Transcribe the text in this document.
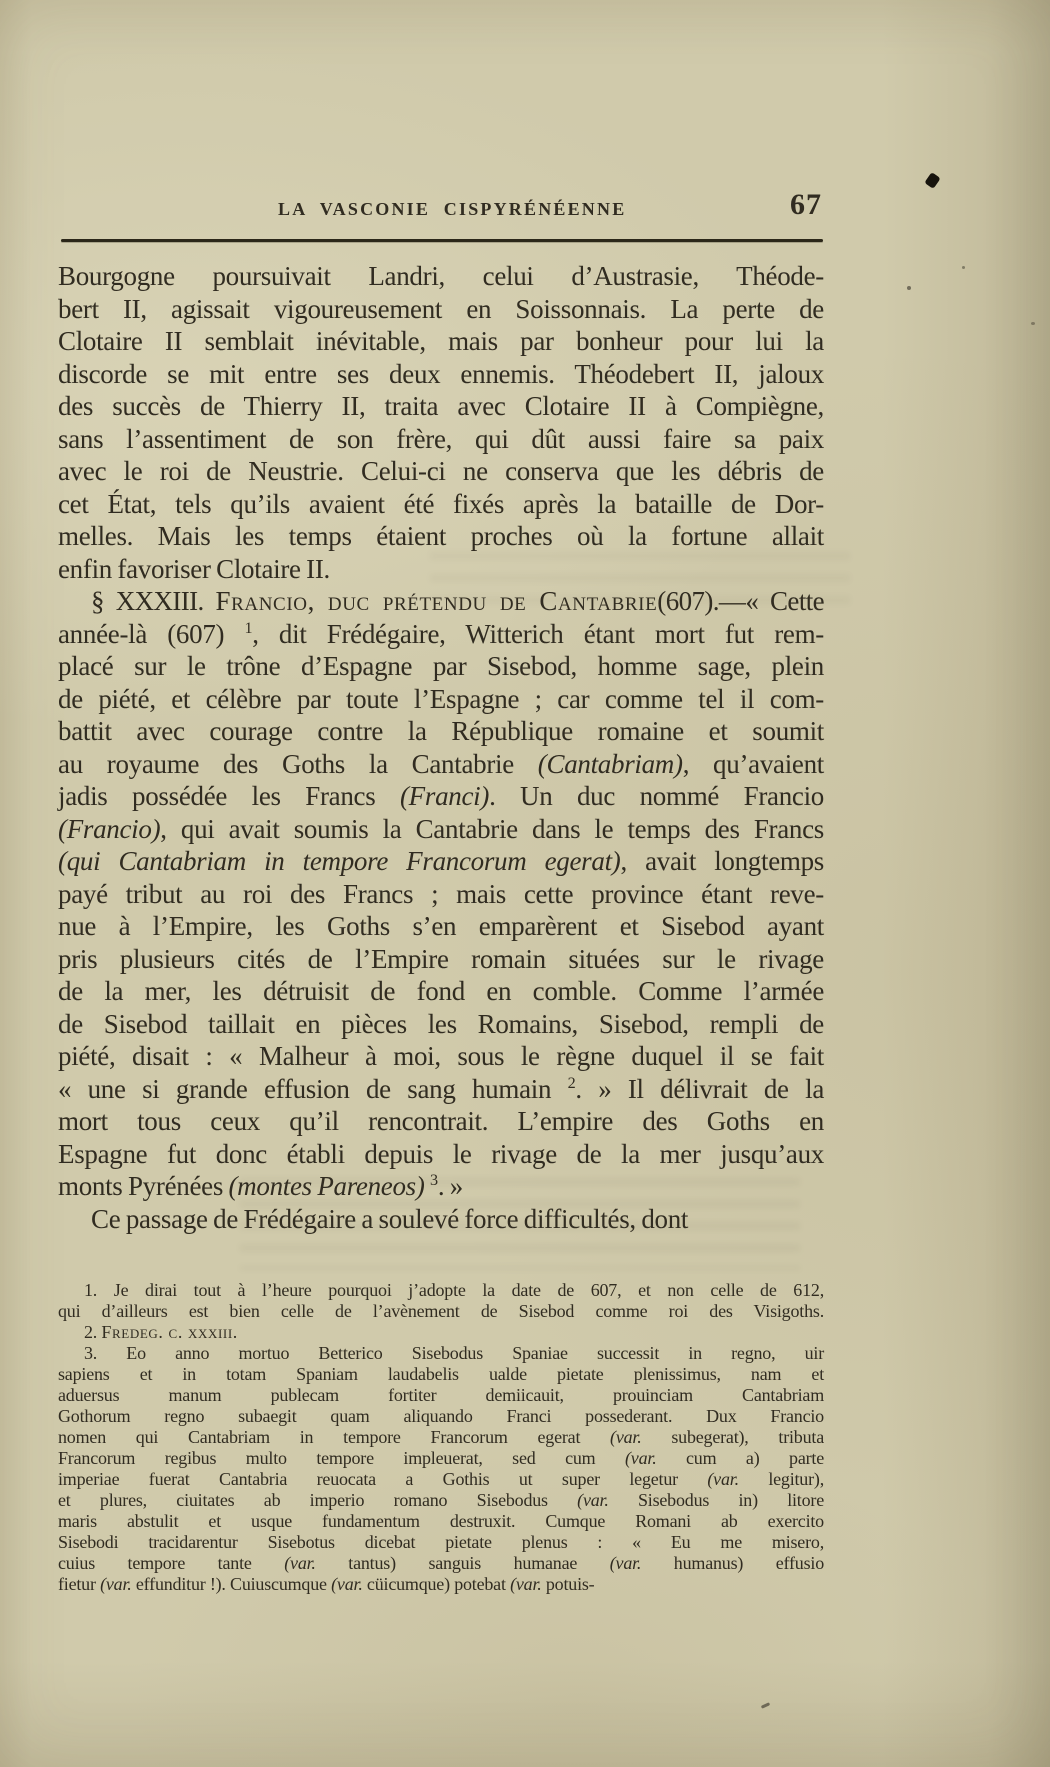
LA VASCONIE CISPYRÉNÉENNE	67
Bourgogne poursuivait Landri, celui d’Austrasie, Théode-
bert II, agissait vigoureusement en Soissonnais. La perte de
Clotaire II semblait inévitable, mais par bonheur pour lui la
discorde se mit entre ses deux ennemis. Théodebert II, jaloux
des succès de Thierry II, traita avec Clotaire II à Compiègne,
sans l’assentiment de son frère, qui dût aussi faire sa paix
avec le roi de Neustrie. Celui-ci ne conserva que les débris de
cet État, tels qu’ils avaient été fixés après la bataille de Dor-
melles. Mais les temps étaient proches où la fortune allait
enfin favoriser Clotaire II.
§ XXXIII. Francio, duc prétendu de Cantabrie(607).—« Cette
année-là (607) $^1$, dit Frédégaire, Witterich étant mort fut rem-
placé sur le trône d’Espagne par Sisebod, homme sage, plein
de piété, et célèbre par toute l’Espagne ; car comme tel il com-
battit avec courage contre la République romaine et soumit
au royaume des Goths la Cantabrie (Cantabriam), qu’avaient
jadis possédée les Francs (Franci). Un duc nommé Francio
(Francio), qui avait soumis la Cantabrie dans le temps des Francs
(qui Cantabriam in tempore Francorum egerat), avait longtemps
payé tribut au roi des Francs ; mais cette province étant reve-
nue à l’Empire, les Goths s’en emparèrent et Sisebod ayant
pris plusieurs cités de l’Empire romain situées sur le rivage
de la mer, les détruisit de fond en comble. Comme l’armée
de Sisebod taillait en pièces les Romains, Sisebod, rempli de
piété, disait : « Malheur à moi, sous le règne duquel il se fait
« une si grande effusion de sang humain $^2$. » Il délivrait de la
mort tous ceux qu’il rencontrait. L’empire des Goths en
Espagne fut donc établi depuis le rivage de la mer jusqu’aux
monts Pyrénées (montes Pareneos) $^3$. »
Ce passage de Frédégaire a soulevé force difficultés, dont
1. Je dirai tout à l’heure pourquoi j’adopte la date de 607, et non celle de 612,
qui d’ailleurs est bien celle de l’avènement de Sisebod comme roi des Visigoths.
2. Fredeg. c. xxxiii.
3. Eo anno mortuo Betterico Sisebodus Spaniae successit in regno, uir
sapiens et in totam Spaniam laudabelis ualde pietate plenissimus, nam et
aduersus manum publecam fortiter demiicauit, prouinciam Cantabriam
Gothorum regno subaegit quam aliquando Franci possederant. Dux Francio
nomen qui Cantabriam in tempore Francorum egerat (var. subegerat), tributa
Francorum regibus multo tempore impleuerat, sed cum (var. cum a) parte
imperiae fuerat Cantabria reuocata a Gothis ut super legetur (var. legitur),
et plures, ciuitates ab imperio romano Sisebodus (var. Sisebodus in) litore
maris abstulit et usque fundamentum destruxit. Cumque Romani ab exercito
Sisebodi tracidarentur Sisebotus dicebat pietate plenus : « Eu me misero,
cuius tempore tante (var. tantus) sanguis humanae (var. humanus) effusio
fietur (var. effunditur !). Cuiuscumque (var. cüicumque) potebat (var. potuis-
